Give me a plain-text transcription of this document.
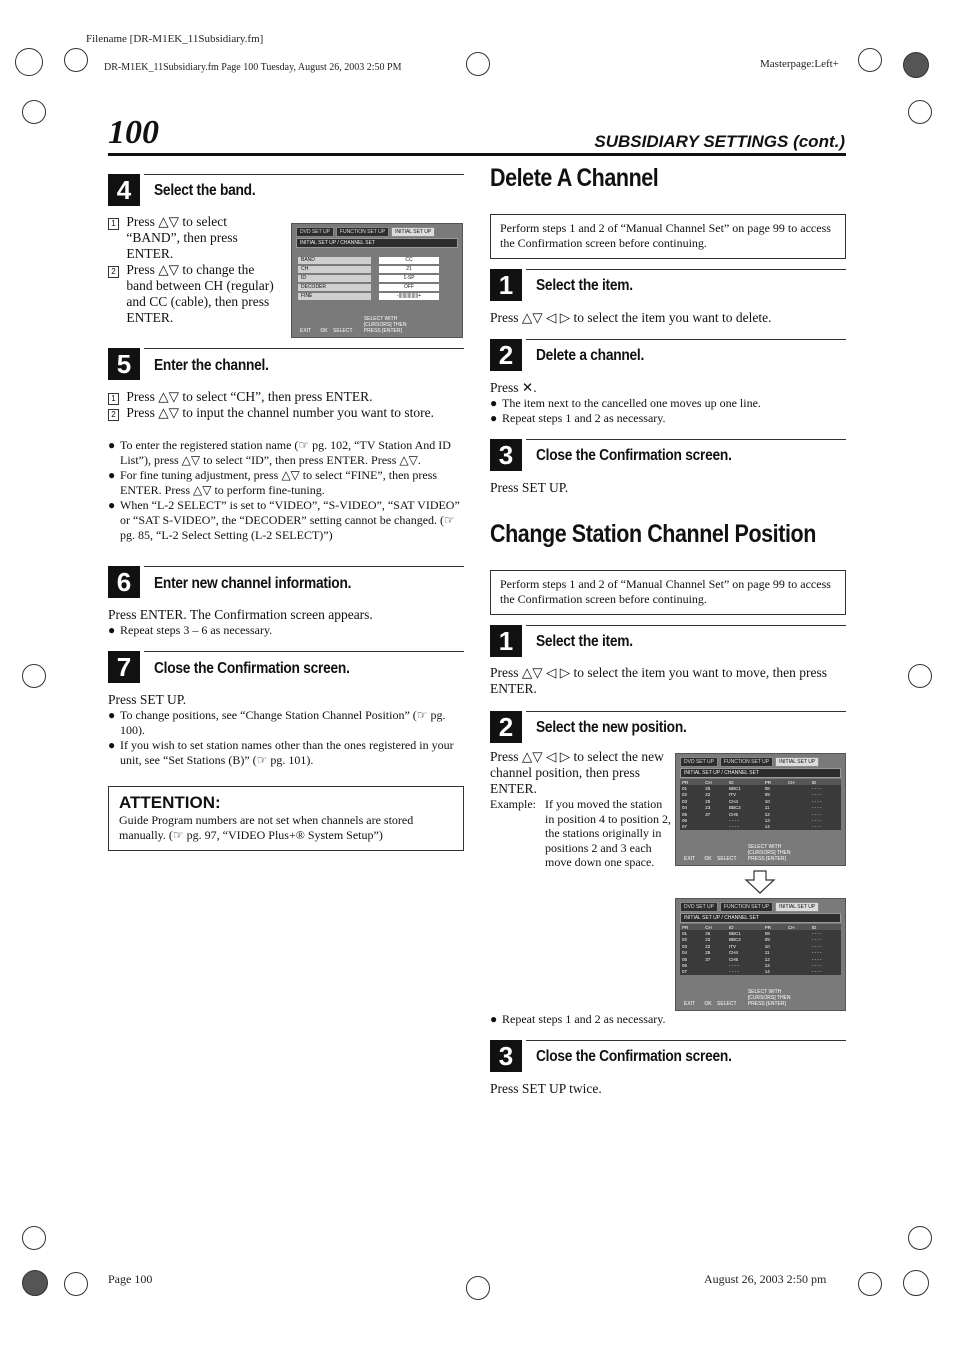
Filename [DR-M1EK_11Subsidiary.fm]
DR-M1EK_11Subsidiary.fm Page 100 Tuesday, August 26, 2003 2:50 PM	Masterpage:Left+
100	SUBSIDIARY SETTINGS (cont.)
4	Select the band.
1 Press △▽ to select “BAND”, then press ENTER.
2 Press △▽ to change the band between CH (regular) and CC (cable), then press ENTER.
DVD SET UP	FUNCTION SET UP	INITIAL SET UP
INITIAL SET UP / CHANNEL SET
BAND	CC
CH	21
ID	1-SP
DECODER	OFF
FINE	-|||||||||||||||+
EXIT OK SELECT SELECT WITH [CURSORS] THEN PRESS [ENTER]
5	Enter the channel.
1 Press △▽ to select “CH”, then press ENTER.
2 Press △▽ to input the channel number you want to store.
● To enter the registered station name (☞ pg. 102, “TV Station And ID List”), press △▽ to select “ID”, then press ENTER. Press △▽.
● For fine tuning adjustment, press △▽ to select “FINE”, then press ENTER. Press △▽ to perform fine-tuning.
● When “L-2 SELECT” is set to “VIDEO”, “S-VIDEO”, “SAT VIDEO” or “SAT S-VIDEO”, the “DECODER” setting cannot be changed. (☞ pg. 85, “L-2 Select Setting (L-2 SELECT)”)
6	Enter new channel information.
Press ENTER. The Confirmation screen appears.
● Repeat steps 3 – 6 as necessary.
7	Close the Confirmation screen.
Press SET UP.
● To change positions, see “Change Station Channel Position” (☞ pg. 100).
● If you wish to set station names other than the ones registered in your unit, see “Set Stations (B)” (☞ pg. 101).
ATTENTION:
Guide Program numbers are not set when channels are stored manually. (☞ pg. 97, “VIDEO Plus+® System Setup”)
Delete A Channel
Perform steps 1 and 2 of “Manual Channel Set” on page 99 to access the Confirmation screen before continuing.
1	Select the item.
Press △▽ ◁ ▷ to select the item you want to delete.
2	Delete a channel.
Press ✕.
● The item next to the cancelled one moves up one line.
● Repeat steps 1 and 2 as necessary.
3	Close the Confirmation screen.
Press SET UP.
Change Station Channel Position
Perform steps 1 and 2 of “Manual Channel Set” on page 99 to access the Confirmation screen before continuing.
1	Select the item.
Press △▽ ◁ ▷ to select the item you want to move, then press ENTER.
2	Select the new position.
Press △▽ ◁ ▷ to select the new channel position, then press ENTER.
Example: If you moved the station in position 4 to position 2, the stations originally in positions 2 and 3 each move down one space.
DVD SET UP	FUNCTION SET UP	INITIAL SET UP
INITIAL SET UP / CHANNEL SET
PR	CH	ID	PR	CH	ID
01	26	BBC1	08		- - - -
02	22	ITV	09		- - - -
03	25	CH4	10		- - - -
04	23	BBC2	11		- - - -
05	37	CH5	12		- - - -
06		- - - -	13		- - - -
07		- - - -	14		- - - -
EXIT OK SELECT SELECT WITH [CURSORS] THEN PRESS [ENTER]
DVD SET UP	FUNCTION SET UP	INITIAL SET UP
INITIAL SET UP / CHANNEL SET
PR	CH	ID	PR	CH	ID
01	26	BBC1	08		- - - -
02	23	BBC2	09		- - - -
03	22	ITV	10		- - - -
04	25	CH4	11		- - - -
05	37	CH5	12		- - - -
06		- - - -	13		- - - -
07		- - - -	14		- - - -
EXIT OK SELECT SELECT WITH [CURSORS] THEN PRESS [ENTER]
● Repeat steps 1 and 2 as necessary.
3	Close the Confirmation screen.
Press SET UP twice.
Page 100	August 26, 2003 2:50 pm
